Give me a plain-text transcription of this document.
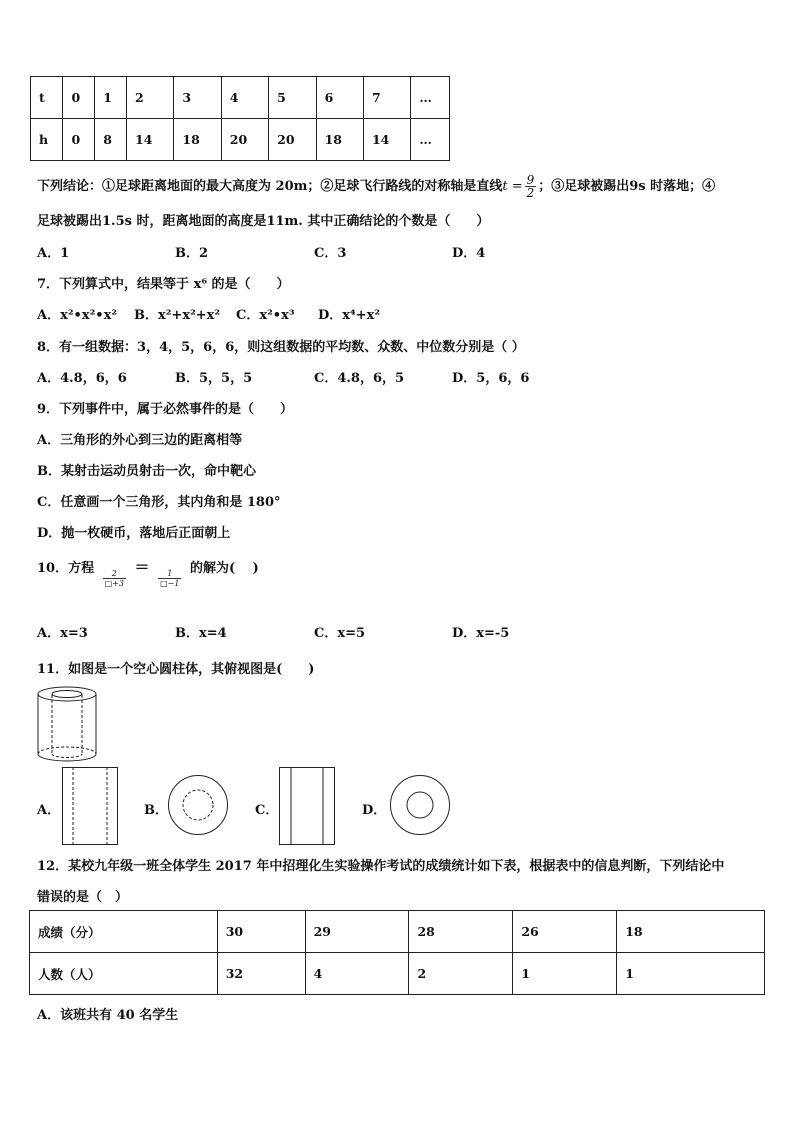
t	0	1	2	3	4	5	6	7	…
h	0	8	14	18	20	20	18	14	…
下列结论：①足球距离地面的最大高度为 20m；②足球飞行路线的对称轴是直线$t = \frac{9}{2}$ ；③足球被踢出9s 时落地；④
足球被踢出1.5s 时，距离地面的高度是11m. 其中正确结论的个数是（　　）
A．1	B．2	C．3	D．4
7．下列算式中，结果等于 x⁶ 的是（　　）
A．x²•x²•x² B．x²+x²+x² C．x²•x³ D．x⁴+x²
8．有一组数据：3，4，5，6，6，则这组数据的平均数、众数、中位数分别是（ ）
A．4.8，6，6	B．5，5，5	C．4.8，6，5	D．5，6，6
9．下列事件中，属于必然事件的是（　　）
A．三角形的外心到三边的距离相等
B．某射击运动员射击一次，命中靶心
C．任意画一个三角形，其内角和是 180°
D．抛一枚硬币，落地后正面朝上
10．方程
$\frac{2}{□+3}$
＝
$\frac{1}{□-1}$
的解为(　 )
A．x=3	B．x=4	C．x=5	D．x=-5
11．如图是一个空心圆柱体，其俯视图是(　　)
A．	B．	C．	D．
12．某校九年级一班全体学生 2017 年中招理化生实验操作考试的成绩统计如下表，根据表中的信息判断，下列结论中
错误的是（　）
成绩（分）	30	29	28	26	18
人数（人）	32	4	2	1	1
A．该班共有 40 名学生
